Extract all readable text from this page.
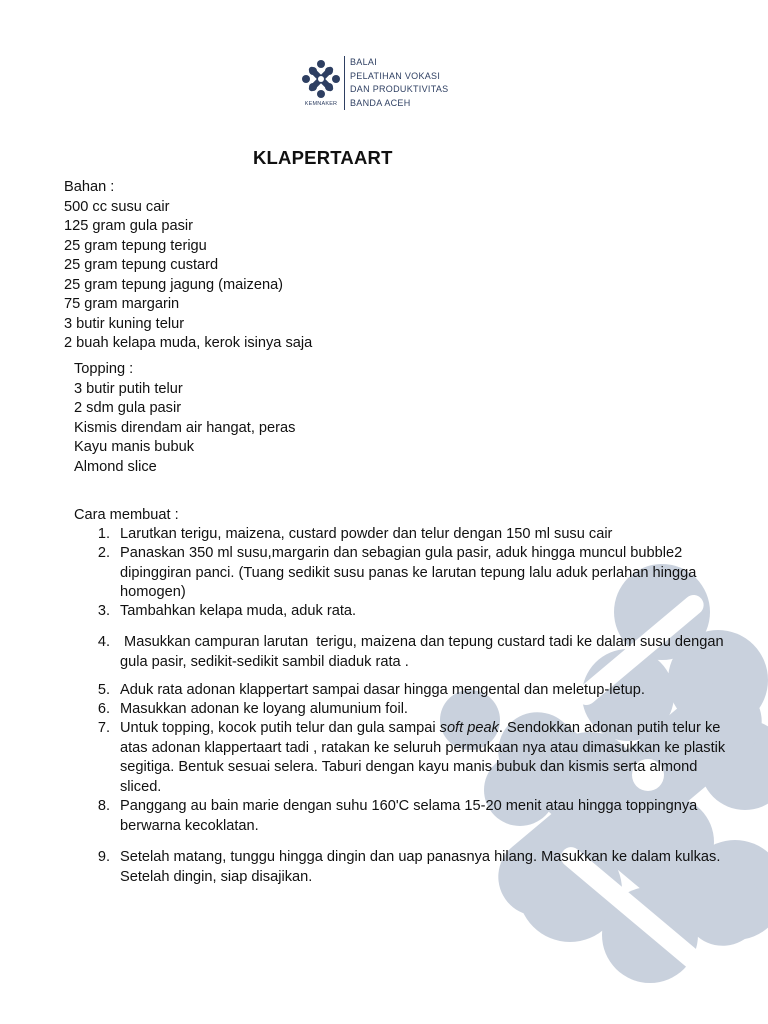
KEMNAKER
BALAI
PELATIHAN VOKASI
DAN PRODUKTIVITAS
BANDA ACEH
KLAPERTAART
Bahan :
500 cc susu cair
125 gram gula pasir
25 gram tepung terigu
25 gram tepung custard
25 gram tepung jagung (maizena)
75 gram margarin
3 butir kuning telur
2 buah kelapa muda, kerok isinya saja
Topping :
3 butir putih telur
2 sdm gula pasir
Kismis direndam air hangat, peras
Kayu manis bubuk
Almond slice
Cara membuat :
1. Larutkan terigu, maizena, custard powder dan telur dengan 150 ml susu cair
2. Panaskan 350 ml susu,margarin dan sebagian gula pasir, aduk hingga muncul bubble2
dipinggiran panci. (Tuang sedikit susu panas ke larutan tepung lalu aduk perlahan hingga
homogen)
3. Tambahkan kelapa muda, aduk rata.
4. Masukkan campuran larutan  terigu, maizena dan tepung custard tadi ke dalam susu dengan
gula pasir, sedikit-sedikit sambil diaduk rata .
5. Aduk rata adonan klappertart sampai dasar hingga mengental dan meletup-letup.
6. Masukkan adonan ke loyang alumunium foil.
7. Untuk topping, kocok putih telur dan gula sampai soft peak. Sendokkan adonan putih telur ke
atas adonan klappertaart tadi , ratakan ke seluruh permukaan nya atau dimasukkan ke plastik
segitiga. Bentuk sesuai selera. Taburi dengan kayu manis bubuk dan kismis serta almond
sliced.
8. Panggang au bain marie dengan suhu 160'C selama 15-20 menit atau hingga toppingnya
berwarna kecoklatan.
9. Setelah matang, tunggu hingga dingin dan uap panasnya hilang. Masukkan ke dalam kulkas.
Setelah dingin, siap disajikan.
